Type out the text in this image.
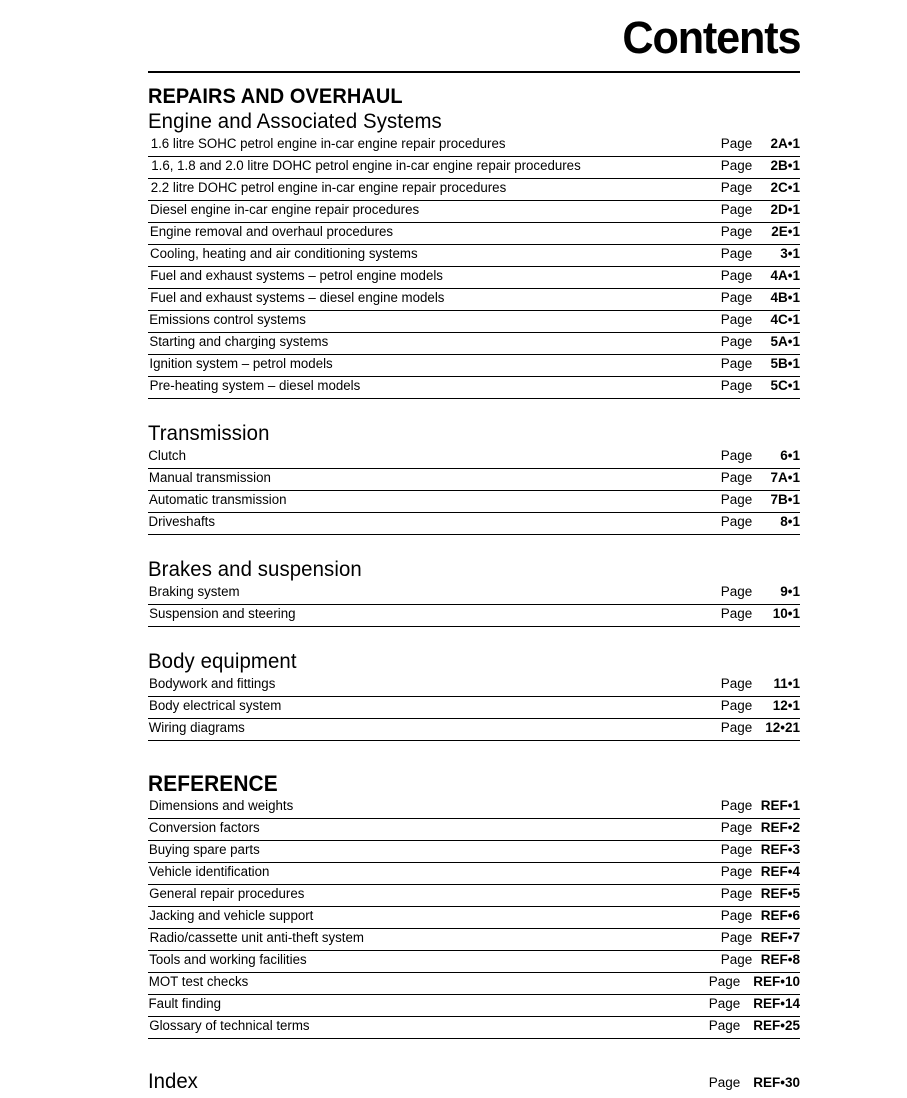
Contents
REPAIRS AND OVERHAUL
Engine and Associated Systems
1.6 litre SOHC petrol engine in-car engine repair procedures	Page 2A•1
1.6, 1.8 and 2.0 litre DOHC petrol engine in-car engine repair procedures	Page 2B•1
2.2 litre DOHC petrol engine in-car engine repair procedures	Page 2C•1
Diesel engine in-car engine repair procedures	Page 2D•1
Engine removal and overhaul procedures	Page 2E•1
Cooling, heating and air conditioning systems	Page 3•1
Fuel and exhaust systems – petrol engine models	Page 4A•1
Fuel and exhaust systems – diesel engine models	Page 4B•1
Emissions control systems	Page 4C•1
Starting and charging systems	Page 5A•1
Ignition system – petrol models	Page 5B•1
Pre-heating system – diesel models	Page 5C•1
Transmission
Clutch	Page 6•1
Manual transmission	Page 7A•1
Automatic transmission	Page 7B•1
Driveshafts	Page 8•1
Brakes and suspension
Braking system	Page 9•1
Suspension and steering	Page 10•1
Body equipment
Bodywork and fittings	Page 11•1
Body electrical system	Page 12•1
Wiring diagrams	Page 12•21
REFERENCE
Dimensions and weights	Page REF•1
Conversion factors	Page REF•2
Buying spare parts	Page REF•3
Vehicle identification	Page REF•4
General repair procedures	Page REF•5
Jacking and vehicle support	Page REF•6
Radio/cassette unit anti-theft system	Page REF•7
Tools and working facilities	Page REF•8
MOT test checks	Page REF•10
Fault finding	Page REF•14
Glossary of technical terms	Page REF•25
Index	Page REF•30
